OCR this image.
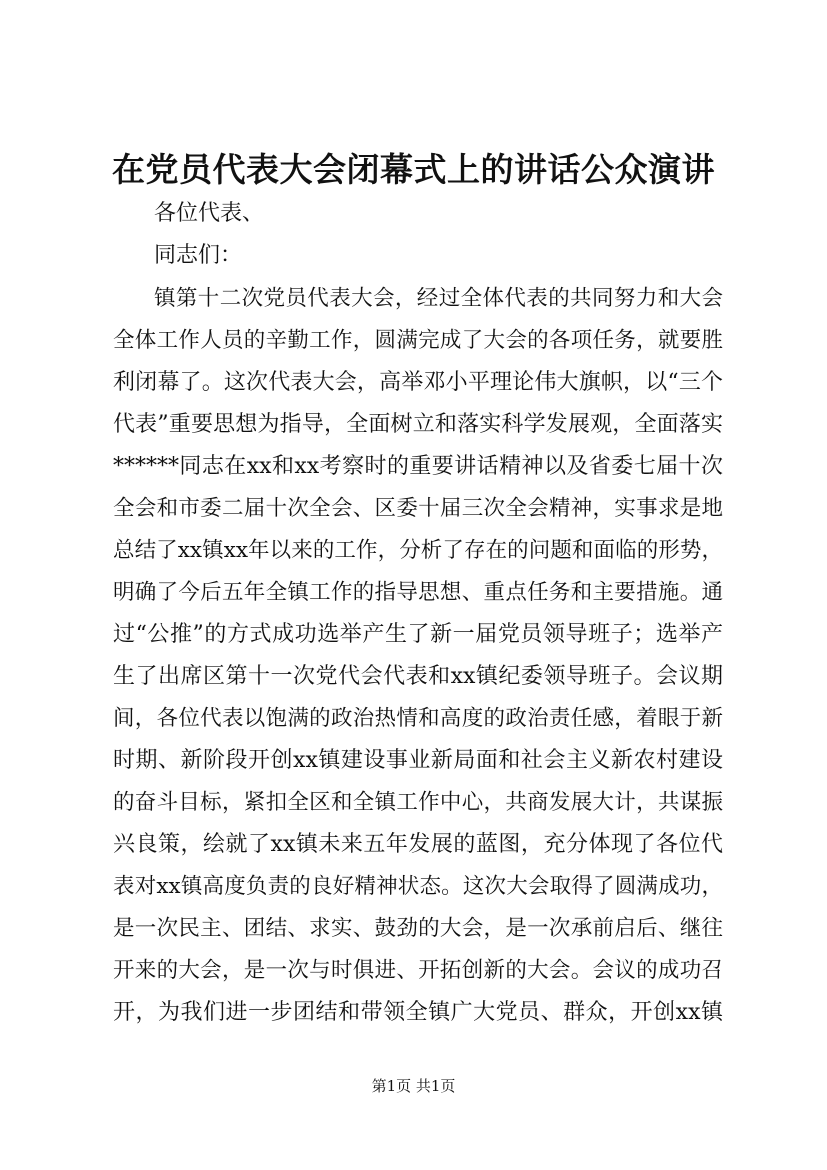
在党员代表大会闭幕式上的讲话公众演讲
各位代表、
同志们：
镇第十二次党员代表大会，经过全体代表的共同努力和大会
全体工作人员的辛勤工作，圆满完成了大会的各项任务，就要胜
利闭幕了。这次代表大会，高举邓小平理论伟大旗帜，以“三个
代表”重要思想为指导，全面树立和落实科学发展观，全面落实
******同志在xx和xx考察时的重要讲话精神以及省委七届十次
全会和市委二届十次全会、区委十届三次全会精神，实事求是地
总结了xx镇xx年以来的工作，分析了存在的问题和面临的形势，
明确了今后五年全镇工作的指导思想、重点任务和主要措施。通
过“公推”的方式成功选举产生了新一届党员领导班子；选举产
生了出席区第十一次党代会代表和xx镇纪委领导班子。会议期
间，各位代表以饱满的政治热情和高度的政治责任感，着眼于新
时期、新阶段开创xx镇建设事业新局面和社会主义新农村建设
的奋斗目标，紧扣全区和全镇工作中心，共商发展大计，共谋振
兴良策，绘就了xx镇未来五年发展的蓝图，充分体现了各位代
表对xx镇高度负责的良好精神状态。这次大会取得了圆满成功，
是一次民主、团结、求实、鼓劲的大会，是一次承前启后、继往
开来的大会，是一次与时俱进、开拓创新的大会。会议的成功召
开，为我们进一步团结和带领全镇广大党员、群众，开创xx镇
第1页 共1页
